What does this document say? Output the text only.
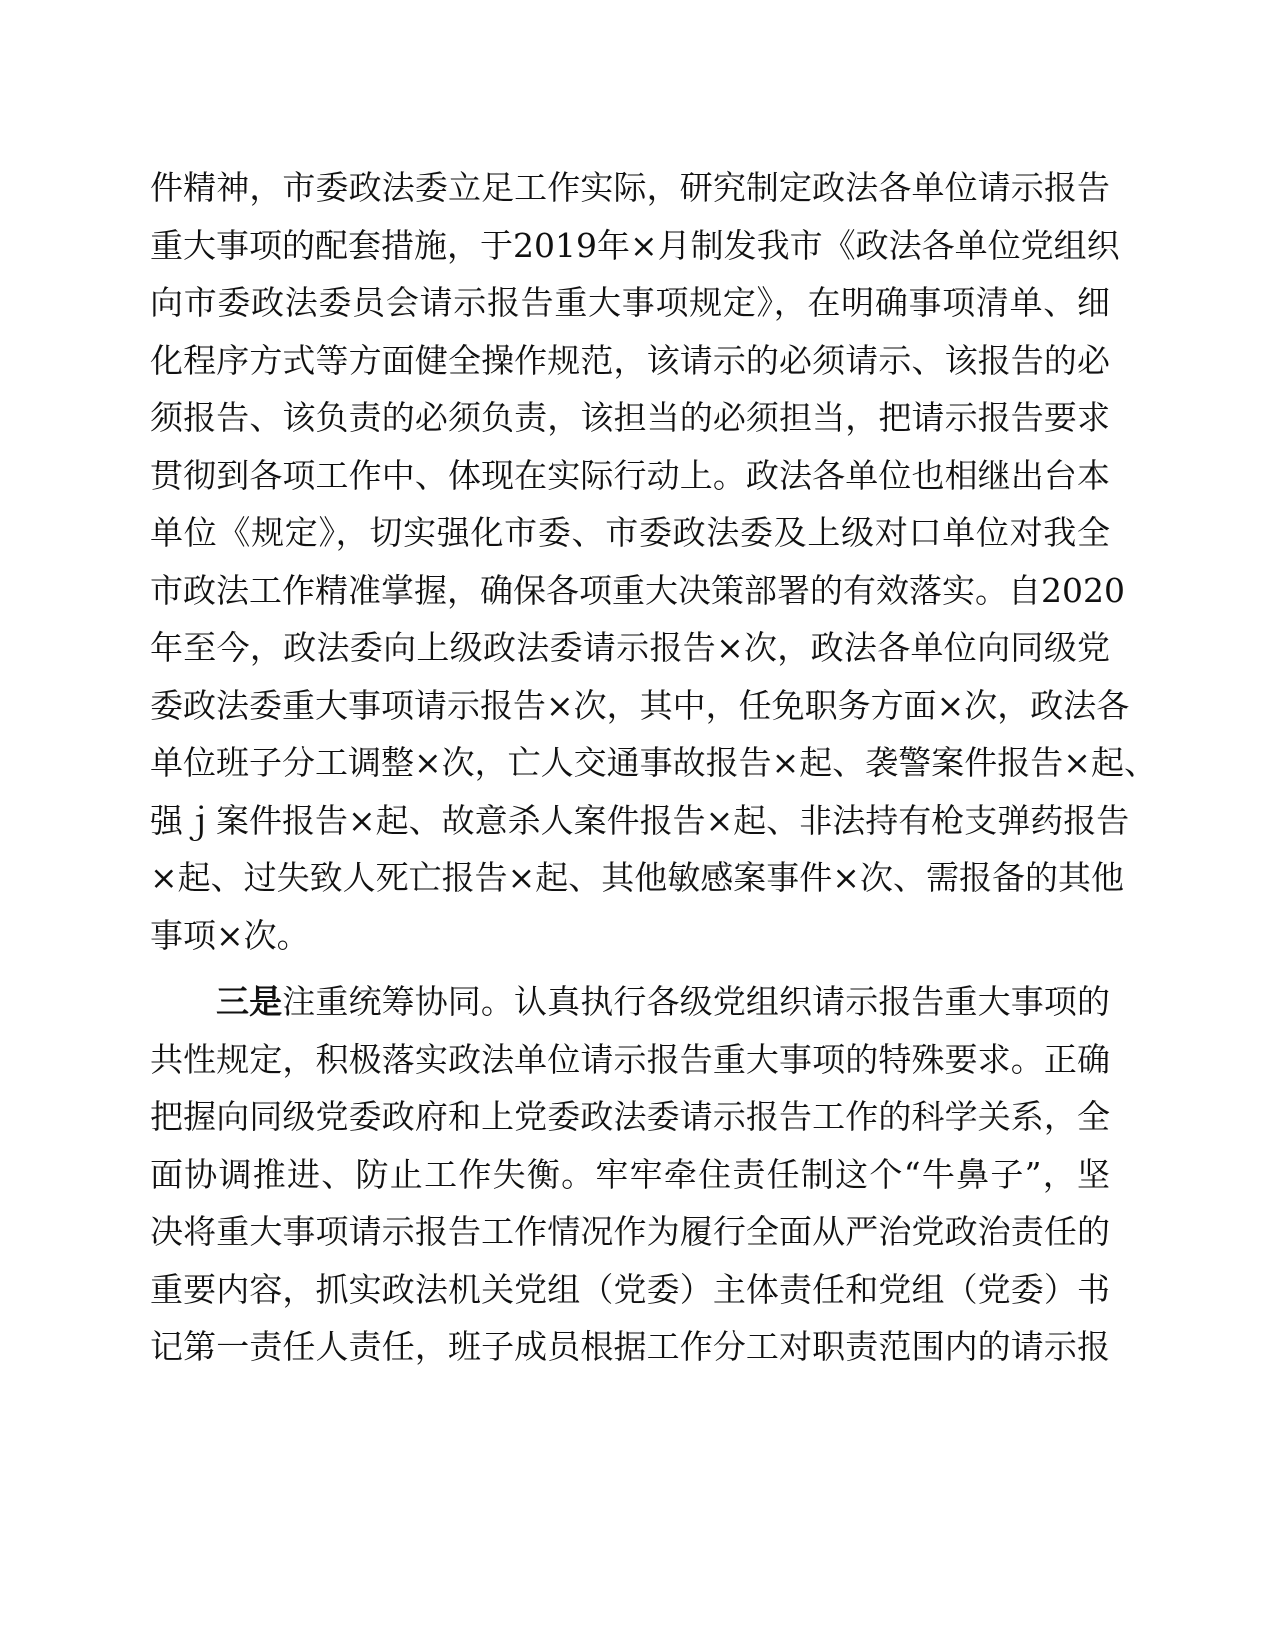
件精神，市委政法委立足工作实际，研究制定政法各单位请示报告
重大事项的配套措施，于2019年×月制发我市《政法各单位党组织
向市委政法委员会请示报告重大事项规定》，在明确事项清单、细
化程序方式等方面健全操作规范，该请示的必须请示、该报告的必
须报告、该负责的必须负责，该担当的必须担当，把请示报告要求
贯彻到各项工作中、体现在实际行动上。政法各单位也相继出台本
单位《规定》，切实强化市委、市委政法委及上级对口单位对我全
市政法工作精准掌握，确保各项重大决策部署的有效落实。自2020
年至今，政法委向上级政法委请示报告×次，政法各单位向同级党
委政法委重大事项请示报告×次，其中，任免职务方面×次，政法各
单位班子分工调整×次，亡人交通事故报告×起、袭警案件报告×起、
强ｊ案件报告×起、故意杀人案件报告×起、非法持有枪支弹药报告
×起、过失致人死亡报告×起、其他敏感案事件×次、需报备的其他
事项×次。
三是注重统筹协同。认真执行各级党组织请示报告重大事项的
共性规定，积极落实政法单位请示报告重大事项的特殊要求。正确
把握向同级党委政府和上党委政法委请示报告工作的科学关系，全
面协调推进、防止工作失衡。牢牢牵住责任制这个“牛鼻子”，坚
决将重大事项请示报告工作情况作为履行全面从严治党政治责任的
重要内容，抓实政法机关党组（党委）主体责任和党组（党委）书
记第一责任人责任，班子成员根据工作分工对职责范围内的请示报
